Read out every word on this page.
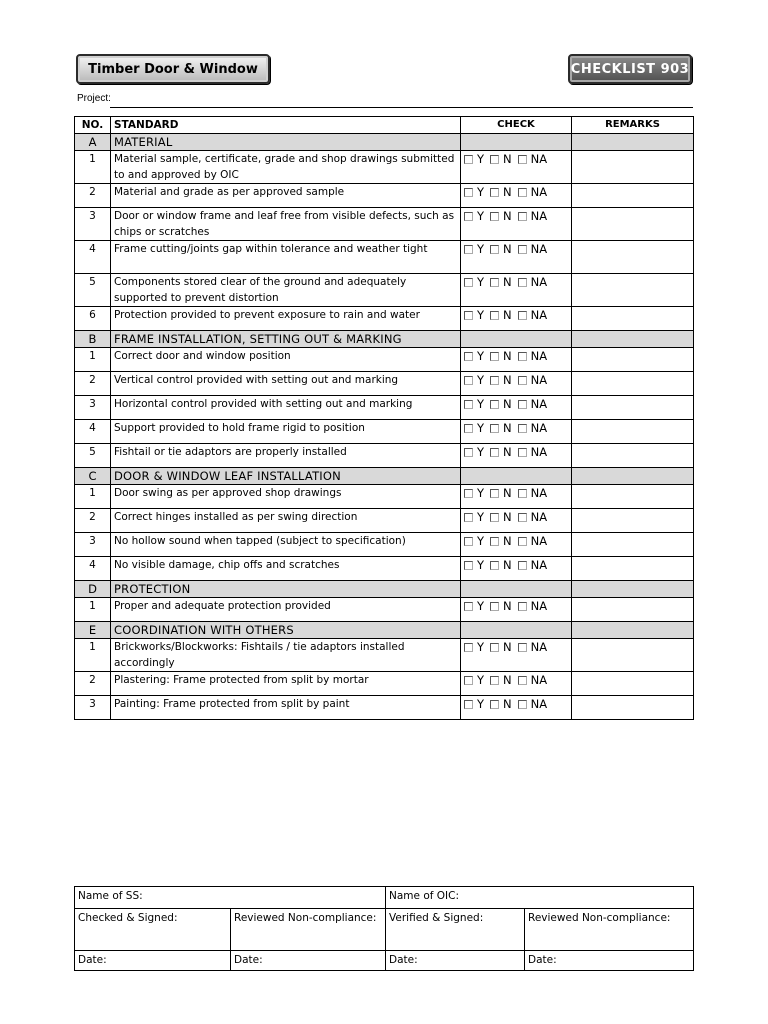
Timber Door & Window	CHECKLIST 903
Project:
NO.	STANDARD	CHECK	REMARKS
A	MATERIAL		
1	Material sample, certificate, grade and shop drawings submitted to and approved by OIC	Y N NA	

2	Material and grade as per approved sample	Y N NA	

3	Door or window frame and leaf free from visible defects, such as chips or scratches	Y N NA	

4	Frame cutting/joints gap within tolerance and weather tight	Y N NA	

5	Components stored clear of the ground and adequately supported to prevent distortion	Y N NA	

6	Protection provided to prevent exposure to rain and water	Y N NA	

B	FRAME INSTALLATION, SETTING OUT & MARKING		
1	Correct door and window position	Y N NA	

2	Vertical control provided with setting out and marking	Y N NA	

3	Horizontal control provided with setting out and marking	Y N NA	

4	Support provided to hold frame rigid to position	Y N NA	

5	Fishtail or tie adaptors are properly installed	Y N NA	

C	DOOR & WINDOW LEAF INSTALLATION		
1	Door swing as per approved shop drawings	Y N NA	

2	Correct hinges installed as per swing direction	Y N NA	

3	No hollow sound when tapped (subject to specification)	Y N NA	

4	No visible damage, chip offs and scratches	Y N NA	

D	PROTECTION		
1	Proper and adequate protection provided	Y N NA	

E	COORDINATION WITH OTHERS		
1	Brickworks/Blockworks: Fishtails / tie adaptors installed accordingly	Y N NA	

2	Plastering: Frame protected from split by mortar	Y N NA	

3	Painting: Frame protected from split by paint	Y N NA	

Name of SS:		Name of OIC:	
Checked & Signed:	Reviewed Non-compliance:	Verified & Signed:	Reviewed Non-compliance:
Date:	Date:	Date:	Date:
